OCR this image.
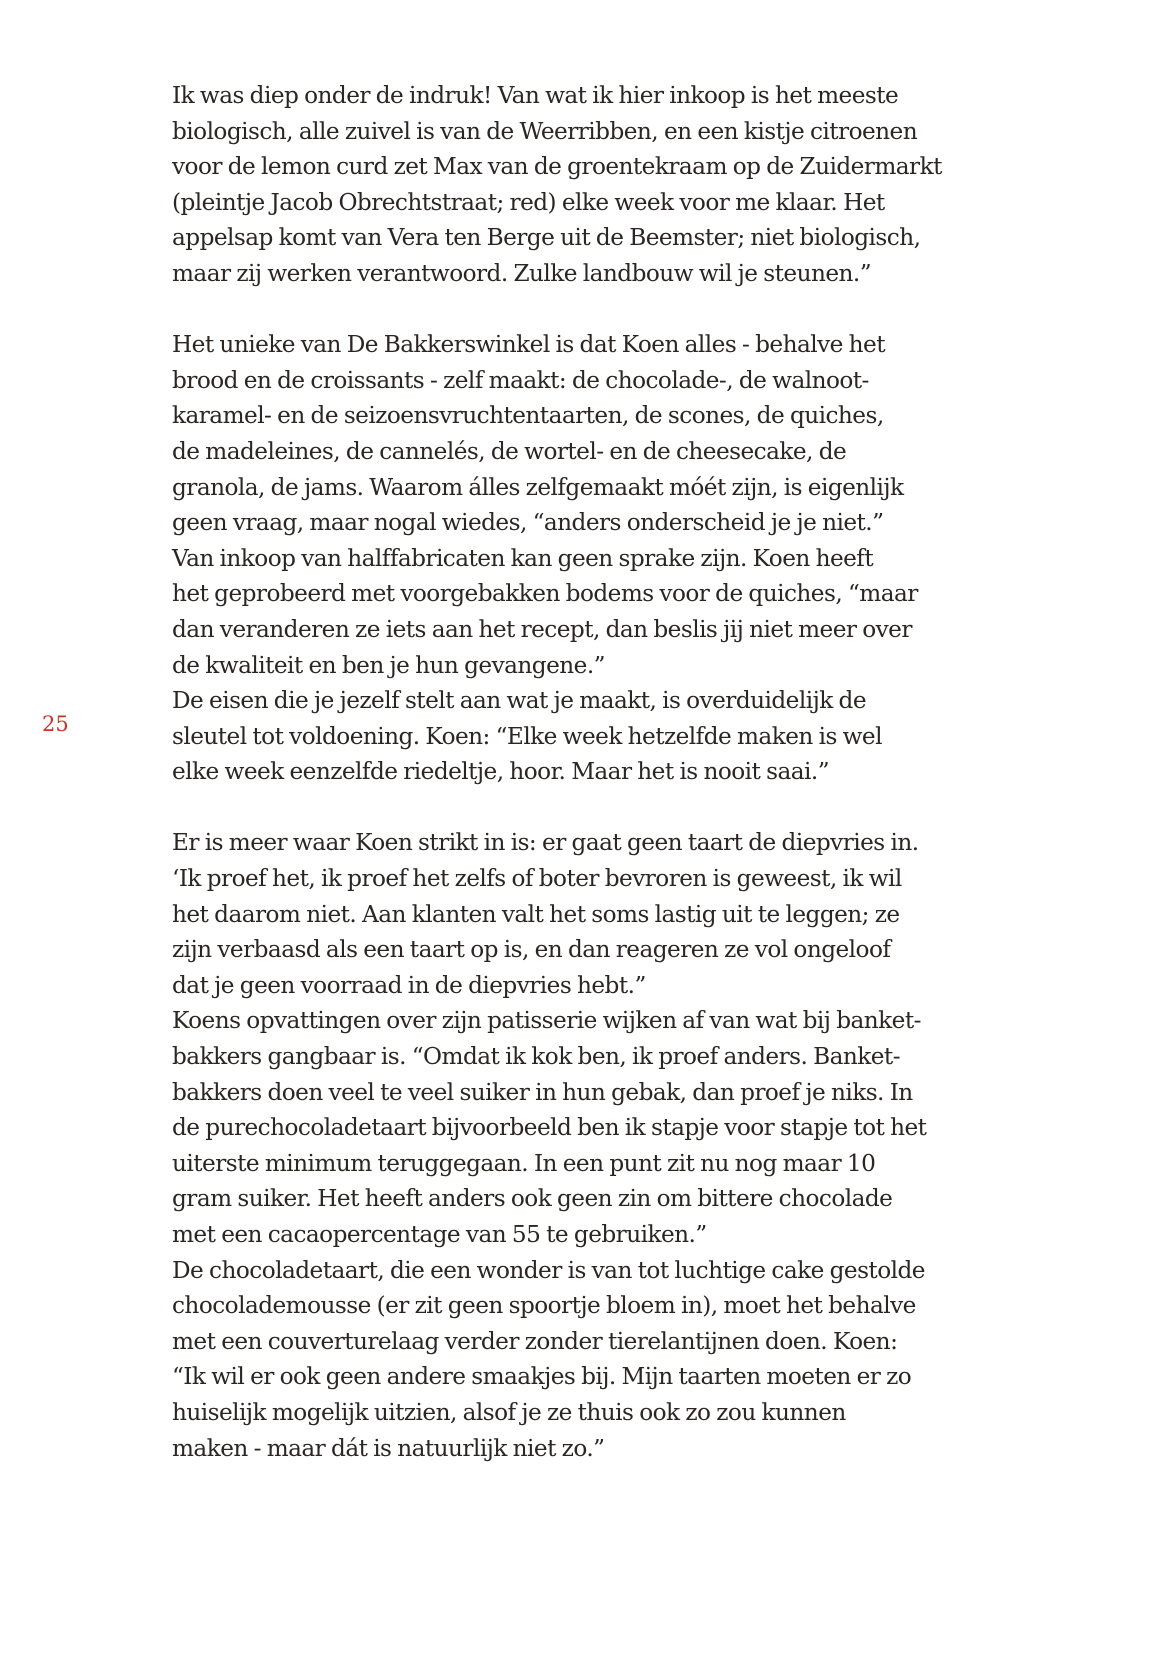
25
Ik was diep onder de indruk! Van wat ik hier inkoop is het meeste
biologisch, alle zuivel is van de Weerribben, en een kistje citroenen
voor de lemon curd zet Max van de groentekraam op de Zuidermarkt
(pleintje Jacob Obrechtstraat; red) elke week voor me klaar. Het
appelsap komt van Vera ten Berge uit de Beemster; niet biologisch,
maar zij werken verantwoord. Zulke landbouw wil je steunen.”
Het unieke van De Bakkerswinkel is dat Koen alles - behalve het
brood en de croissants - zelf maakt: de chocolade-, de walnoot-
karamel- en de seizoensvruchtentaarten, de scones, de quiches,
de madeleines, de cannelés, de wortel- en de cheesecake, de
granola, de jams. Waarom álles zelfgemaakt móét zijn, is eigenlijk
geen vraag, maar nogal wiedes, “anders onderscheid je je niet.”
Van inkoop van halffabricaten kan geen sprake zijn. Koen heeft
het geprobeerd met voorgebakken bodems voor de quiches, “maar
dan veranderen ze iets aan het recept, dan beslis jij niet meer over
de kwaliteit en ben je hun gevangene.”
De eisen die je jezelf stelt aan wat je maakt, is overduidelijk de
sleutel tot voldoening. Koen: “Elke week hetzelfde maken is wel
elke week eenzelfde riedeltje, hoor. Maar het is nooit saai.”
Er is meer waar Koen strikt in is: er gaat geen taart de diepvries in.
‘Ik proef het, ik proef het zelfs of boter bevroren is geweest, ik wil
het daarom niet. Aan klanten valt het soms lastig uit te leggen; ze
zijn verbaasd als een taart op is, en dan reageren ze vol ongeloof
dat je geen voorraad in de diepvries hebt.”
Koens opvattingen over zijn patisserie wijken af van wat bij banket-
bakkers gangbaar is. “Omdat ik kok ben, ik proef anders. Banket-
bakkers doen veel te veel suiker in hun gebak, dan proef je niks. In
de purechocoladetaart bijvoorbeeld ben ik stapje voor stapje tot het
uiterste minimum teruggegaan. In een punt zit nu nog maar 10
gram suiker. Het heeft anders ook geen zin om bittere chocolade
met een cacaopercentage van 55 te gebruiken.”
De chocoladetaart, die een wonder is van tot luchtige cake gestolde
chocolademousse (er zit geen spoortje bloem in), moet het behalve
met een couverturelaag verder zonder tierelantijnen doen. Koen:
“Ik wil er ook geen andere smaakjes bij. Mijn taarten moeten er zo
huiselijk mogelijk uitzien, alsof je ze thuis ook zo zou kunnen
maken - maar dát is natuurlijk niet zo.”
